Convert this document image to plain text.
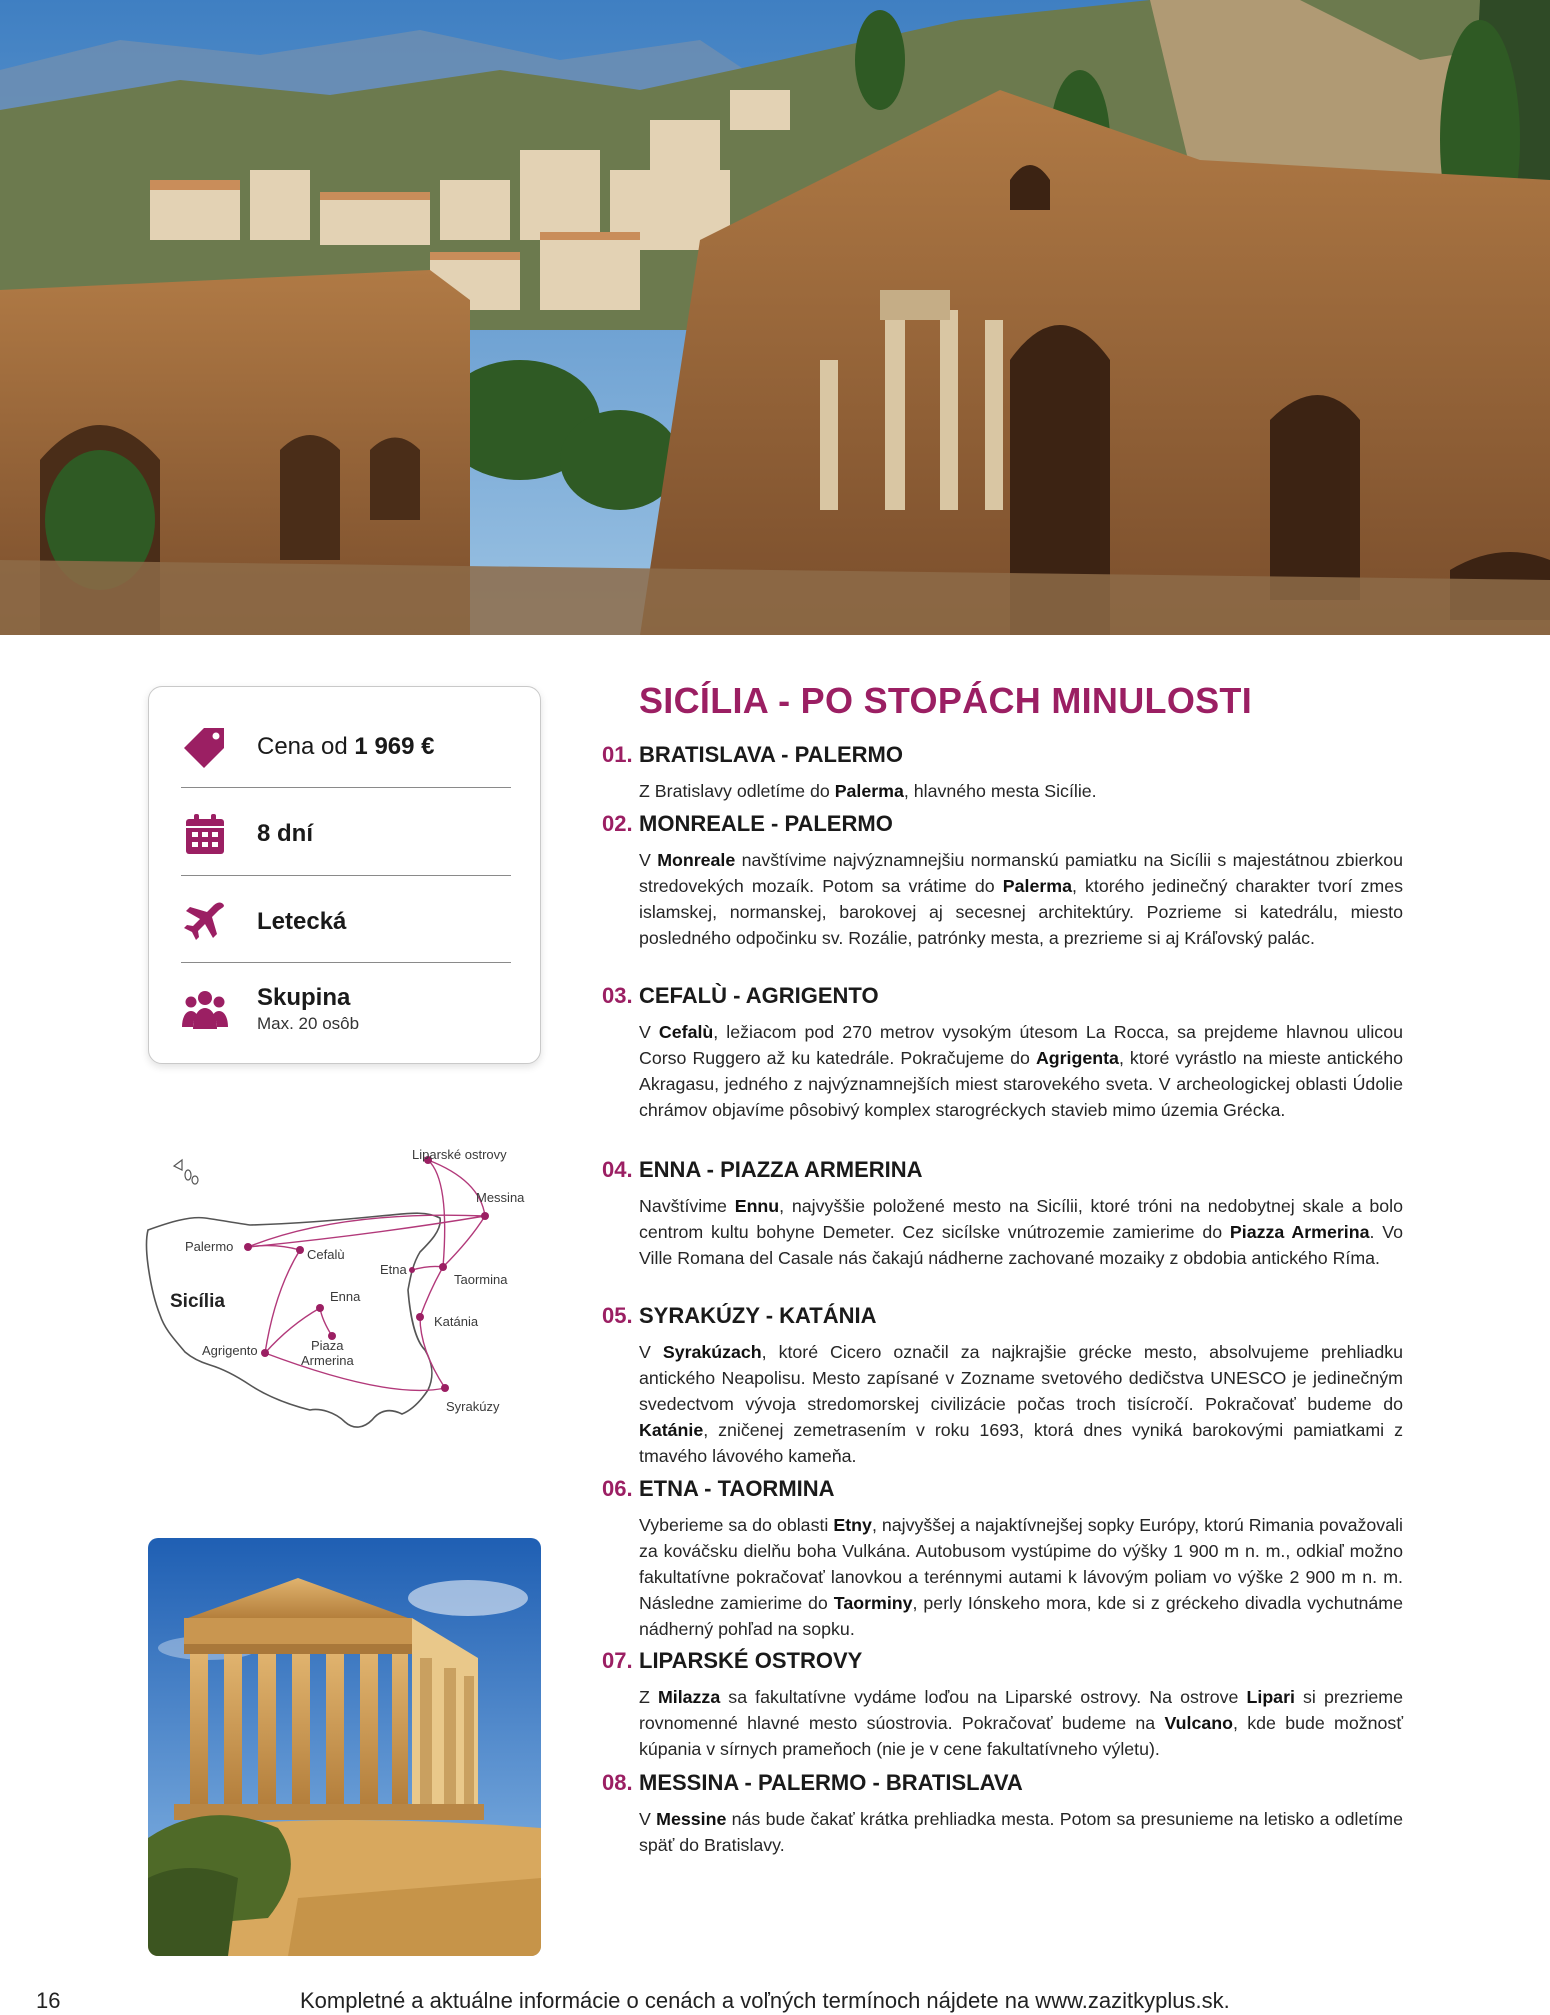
Cena od 1 969 €
8 dní
Letecká
Skupina
Max. 20 osôb
Liparské ostrovy
Messina
Palermo
Cefalù
Etna
Taormina
Enna
Katánia
Agrigento	Piaza
Armerina
Syrakúzy
Sicília
SICÍLIA - PO STOPÁCH MINULOSTI
01. BRATISLAVA - PALERMO
Z Bratislavy odletíme do Palerma, hlavného mesta Sicílie.
02. MONREALE - PALERMO
V Monreale navštívime najvýznamnejšiu normanskú pamiatku na Sicílii s majestátnou zbierkou stredovekých mozaík. Potom sa vrátime do Palerma, ktorého jedinečný charakter tvorí zmes islamskej, normanskej, barokovej aj secesnej architektúry. Pozrieme si katedrálu, miesto posledného odpočinku sv. Rozálie, patrónky mesta, a prezrieme si aj Kráľovský palác.
03. CEFALÙ - AGRIGENTO
V Cefalù, ležiacom pod 270 metrov vysokým útesom La Rocca, sa prejdeme hlavnou ulicou Corso Ruggero až ku katedrále. Pokračujeme do Agrigenta, ktoré vyrástlo na mieste antického Akragasu, jedného z najvýznamnejších miest starovekého sveta. V archeologickej oblasti Údolie chrámov objavíme pôsobivý komplex starogréckych stavieb mimo územia Grécka.
04. ENNA - PIAZZA ARMERINA
Navštívime Ennu, najvyššie položené mesto na Sicílii, ktoré tróni na nedobytnej skale a bolo centrom kultu bohyne Demeter. Cez sicílske vnútrozemie zamierime do Piazza Armerina. Vo Ville Romana del Casale nás čakajú nádherne zachované mozaiky z obdobia antického Ríma.
05. SYRAKÚZY - KATÁNIA
V Syrakúzach, ktoré Cicero označil za najkrajšie grécke mesto, absolvujeme prehliadku antického Neapolisu. Mesto zapísané v Zozname svetového dedičstva UNESCO je jedinečným svedectvom vývoja stredomorskej civilizácie počas troch tisícročí. Pokračovať budeme do Katánie, zničenej zemetrasením v roku 1693, ktorá dnes vyniká barokovými pamiatkami z tmavého lávového kameňa.
06. ETNA - TAORMINA
Vyberieme sa do oblasti Etny, najvyššej a najaktívnejšej sopky Európy, ktorú Rimania považovali za kováčsku dielňu boha Vulkána. Autobusom vystúpime do výšky 1 900 m n. m., odkiaľ možno fakultatívne pokračovať lanovkou a terénnymi autami k lávovým poliam vo výške 2 900 m n. m. Následne zamierime do Taorminy, perly Iónskeho mora, kde si z gréckeho divadla vychutnáme nádherný pohľad na sopku.
07. LIPARSKÉ OSTROVY
Z Milazza sa fakultatívne vydáme loďou na Liparské ostrovy. Na ostrove Lipari si prezrieme rovnomenné hlavné mesto súostrovia. Pokračovať budeme na Vulcano, kde bude možnosť kúpania v sírnych prameňoch (nie je v cene fakultatívneho výletu).
08. MESSINA - PALERMO - BRATISLAVA
V Messine nás bude čakať krátka prehliadka mesta. Potom sa presunieme na letisko a odletíme späť do Bratislavy.
16	Kompletné a aktuálne informácie o cenách a voľných termínoch nájdete na www.zazitkyplus.sk.
